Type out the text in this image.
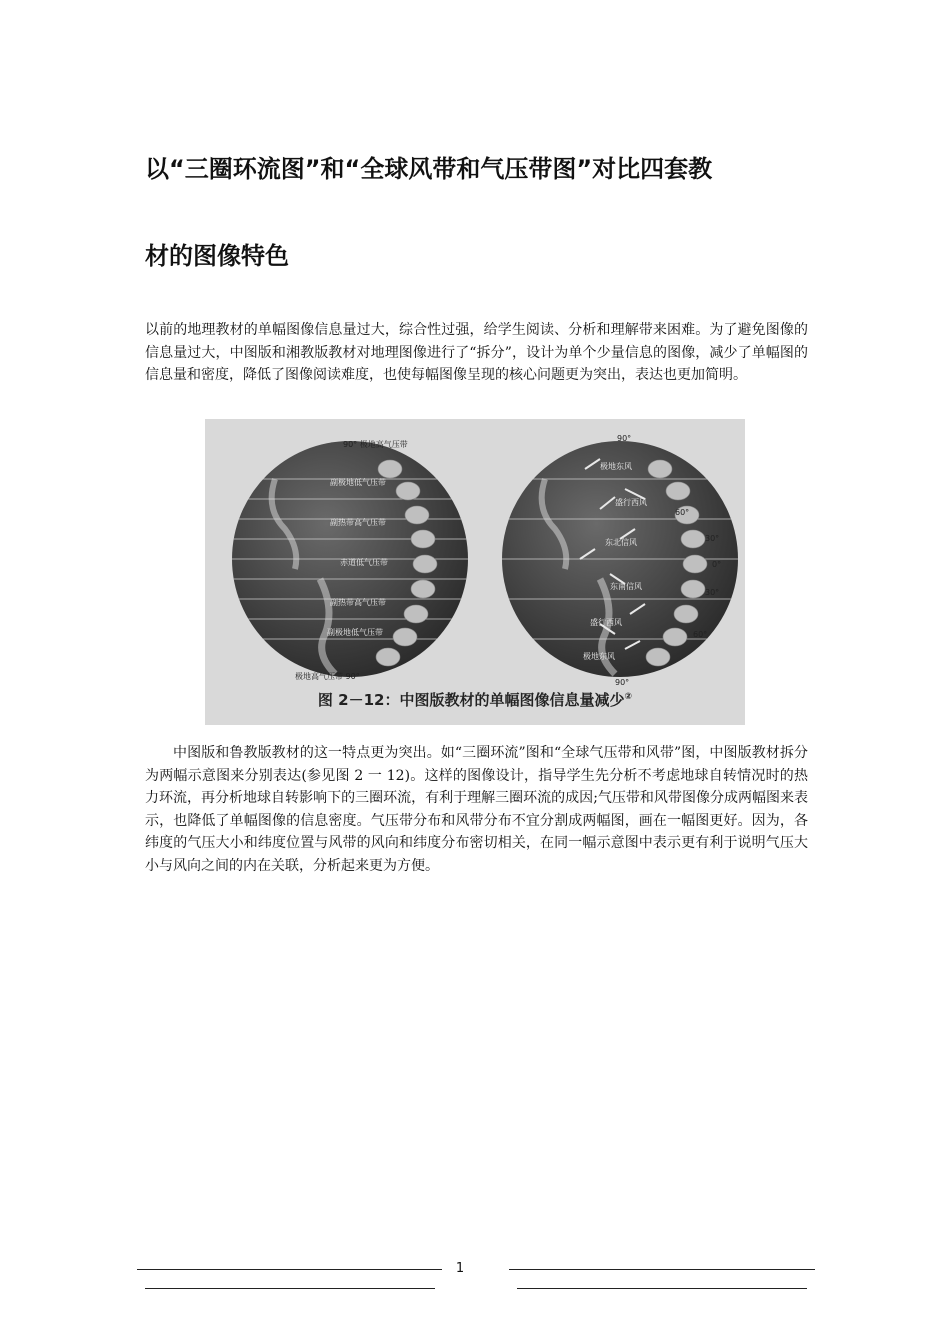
以“三圈环流图”和“全球风带和气压带图”对比四套教
材的图像特色

以前的地理教材的单幅图像信息量过大，综合性过强，给学生阅读、分析和理解带来困难。为了避免图像的信息量过大，中图版和湘教版教材对地理图像进行了“拆分”，设计为单个少量信息的图像，减少了单幅图的信息量和密度，降低了图像阅读难度，也使每幅图像呈现的核心问题更为突出，表达也更加简明。

90° 极地高气压带
极地高气压带 90°
副极地低气压带
副热带高气压带
赤道低气压带
副热带高气压带
副极地低气压带
90°
90°
极地东风
盛行西风
东北信风
东南信风
盛行西风
极地东风
60°
30°
0°
30°
60°
图 2－12：中图版教材的单幅图像信息量减少②

中图版和鲁教版教材的这一特点更为突出。如“三圈环流”图和“全球气压带和风带”图，中图版教材拆分为两幅示意图来分别表达(参见图 2 一 12)。这样的图像设计，指导学生先分析不考虑地球自转情况时的热力环流，再分析地球自转影响下的三圈环流，有利于理解三圈环流的成因;气压带和风带图像分成两幅图来表示，也降低了单幅图像的信息密度。气压带分布和风带分布不宜分割成两幅图，画在一幅图更好。因为，各纬度的气压大小和纬度位置与风带的风向和纬度分布密切相关，在同一幅示意图中表示更有利于说明气压大小与风向之间的内在关联，分析起来更为方便。

1
